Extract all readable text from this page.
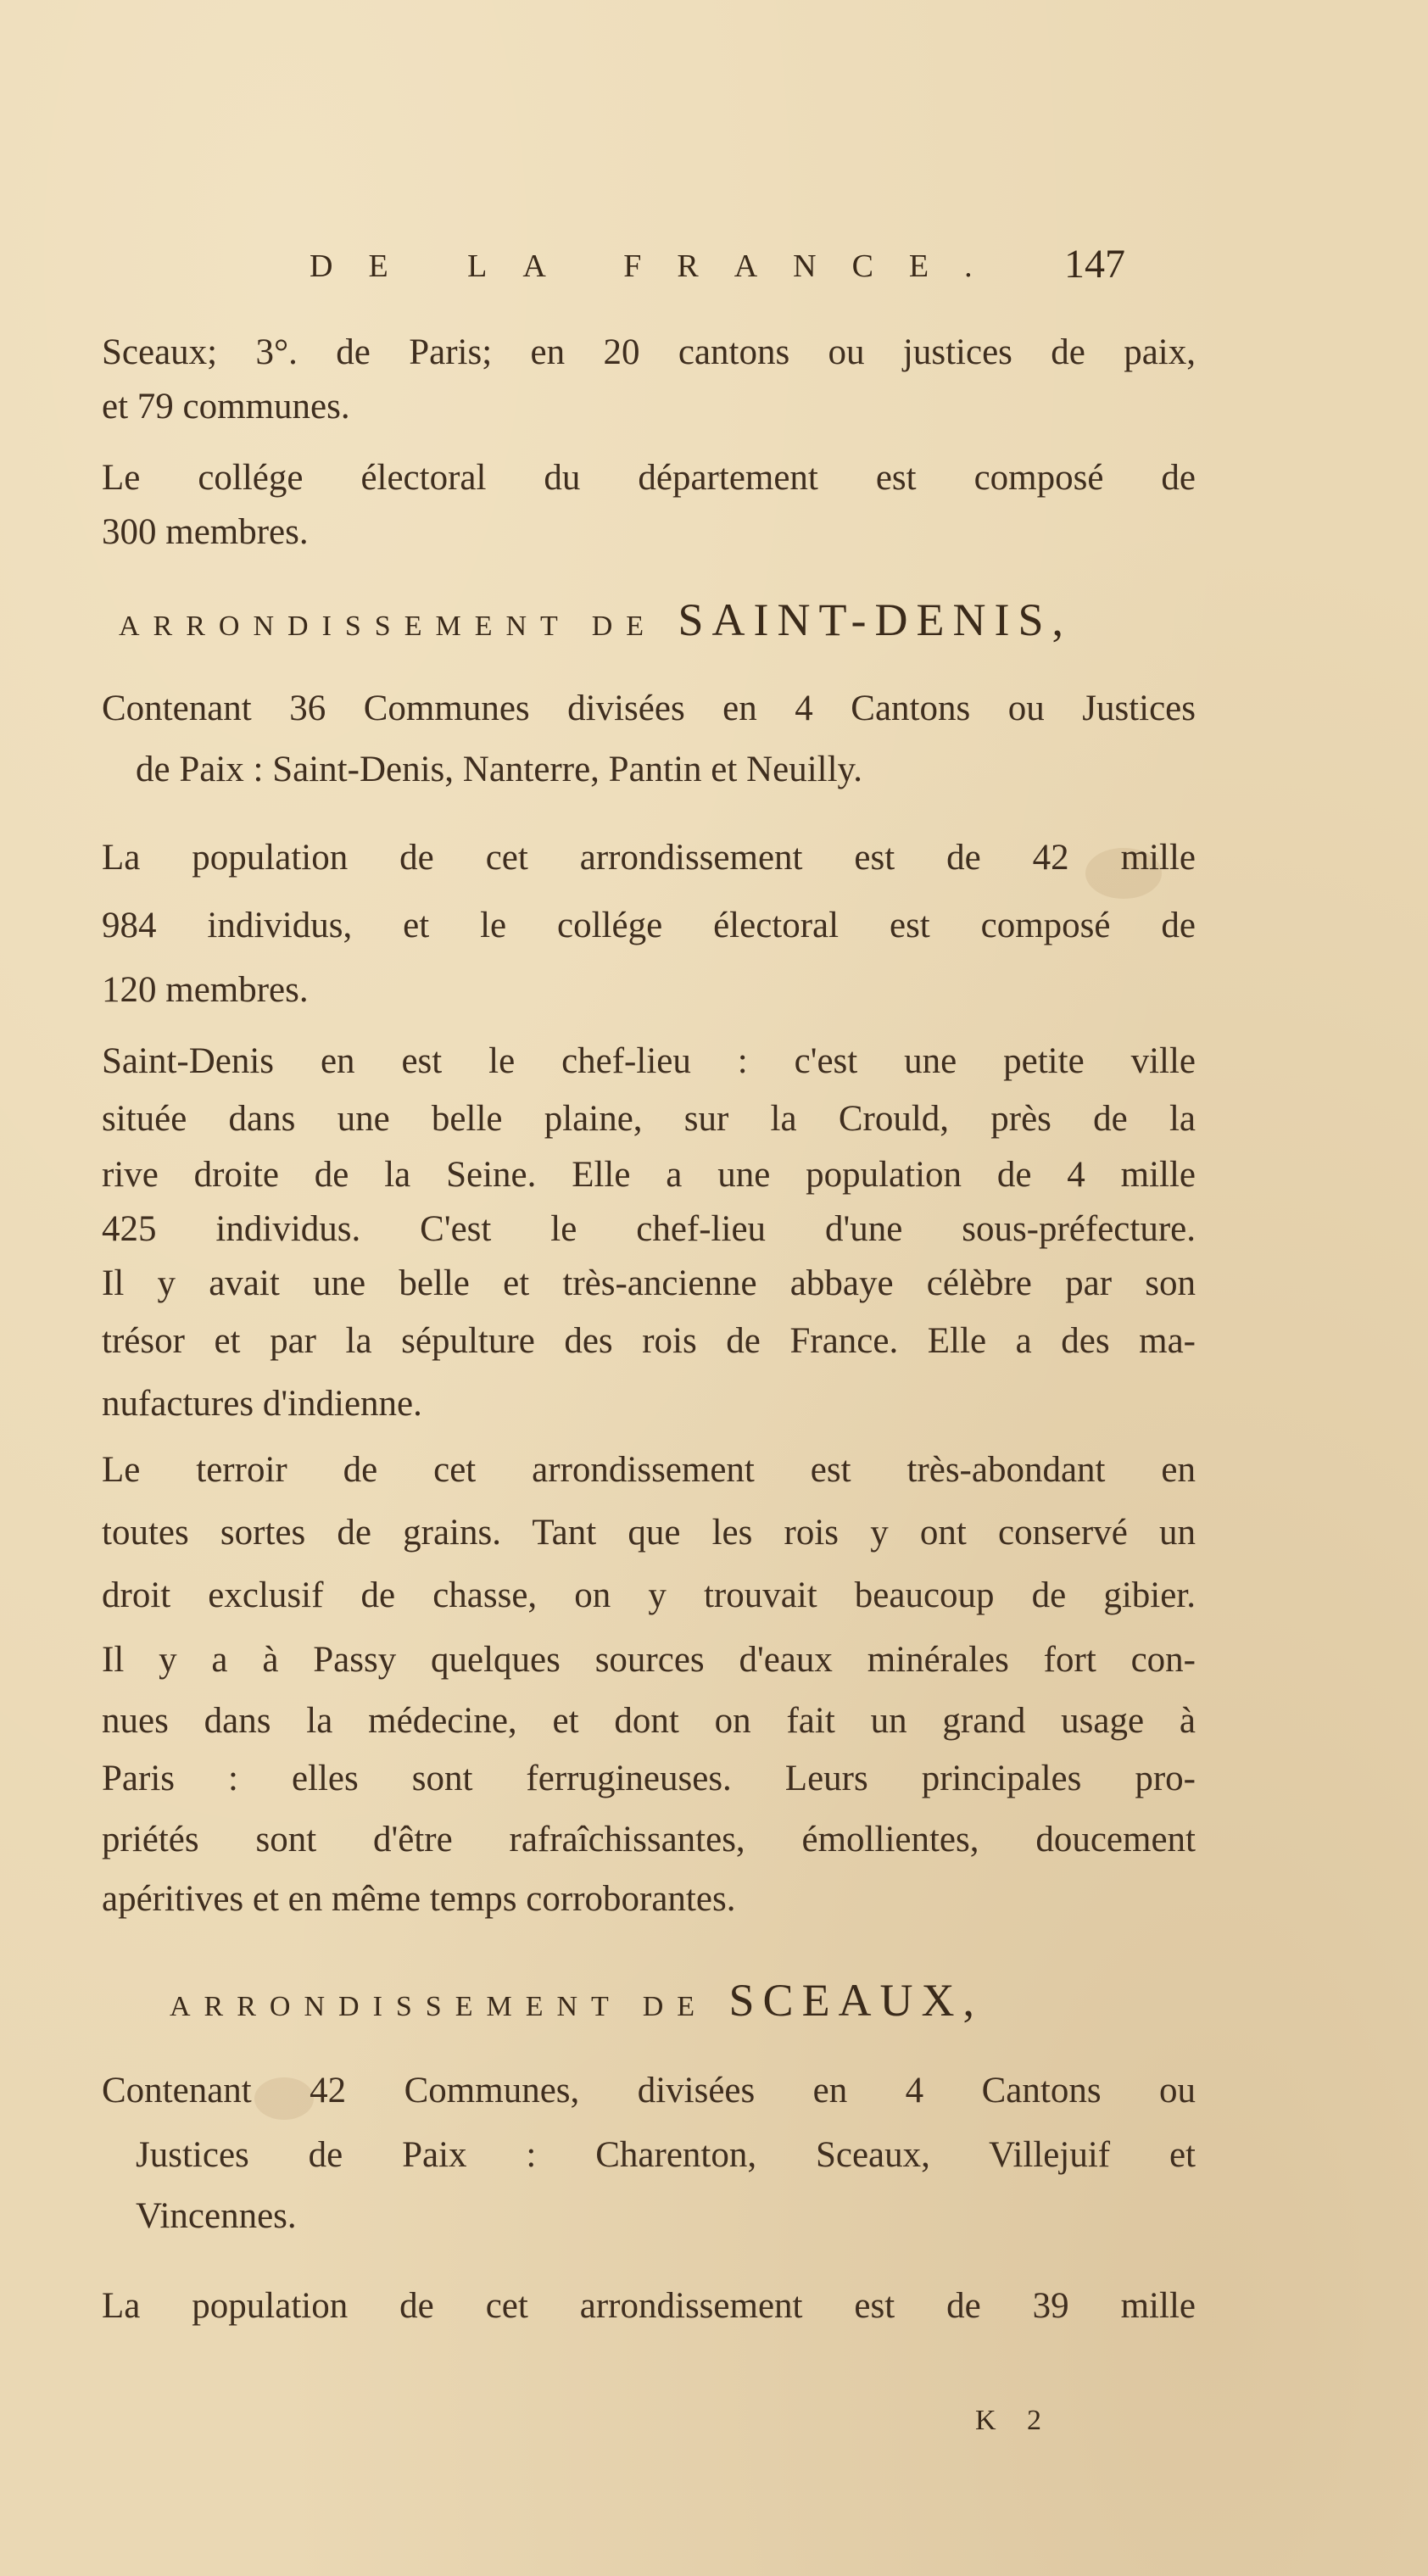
DE LA FRANCE.	147
Sceaux; 3°. de Paris; en 20 cantons ou justices de paix,
et 79 communes.
Le collége électoral du département est composé de
300 membres.
ARRONDISSEMENT DE SAINT-DENIS,
Contenant 36 Communes divisées en 4 Cantons ou Justices
de Paix : Saint-Denis, Nanterre, Pantin et Neuilly.
La population de cet arrondissement est de 42 mille
984 individus, et le collége électoral est composé de
120 membres.
Saint-Denis en est le chef-lieu : c'est une petite ville
située dans une belle plaine, sur la Crould, près de la
rive droite de la Seine. Elle a une population de 4 mille
425 individus. C'est le chef-lieu d'une sous-préfecture.
Il y avait une belle et très-ancienne abbaye célèbre par son
trésor et par la sépulture des rois de France. Elle a des ma-
nufactures d'indienne.
Le terroir de cet arrondissement est très-abondant en
toutes sortes de grains. Tant que les rois y ont conservé un
droit exclusif de chasse, on y trouvait beaucoup de gibier.
Il y a à Passy quelques sources d'eaux minérales fort con-
nues dans la médecine, et dont on fait un grand usage à
Paris : elles sont ferrugineuses. Leurs principales pro-
priétés sont d'être rafraîchissantes, émollientes, doucement
apéritives et en même temps corroborantes.
ARRONDISSEMENT DE SCEAUX,
Contenant 42 Communes, divisées en 4 Cantons ou
Justices de Paix : Charenton, Sceaux, Villejuif et
Vincennes.
La population de cet arrondissement est de 39 mille
K 2
